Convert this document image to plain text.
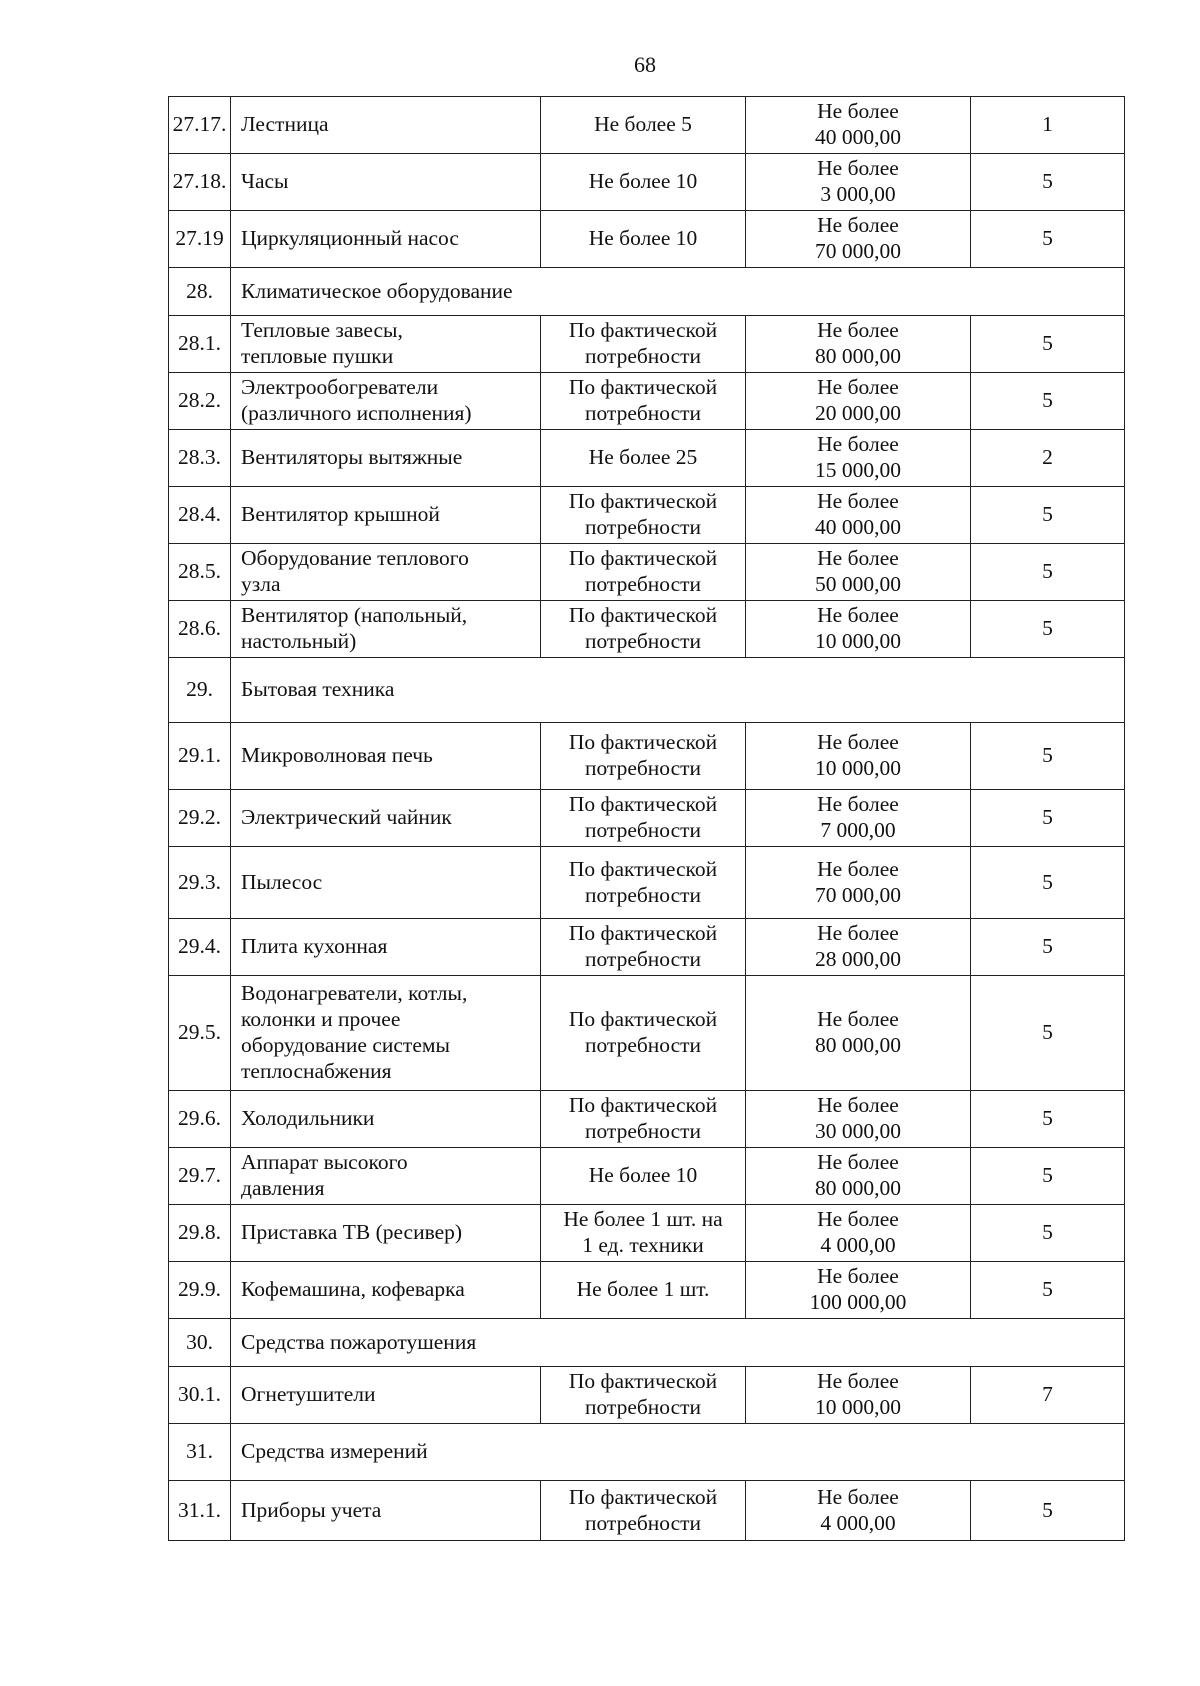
68
27.17.	Лестница	Не более 5	Не более
40 000,00	1
27.18.	Часы	Не более 10	Не более
3 000,00	5
27.19	Циркуляционный насос	Не более 10	Не более
70 000,00	5
28.	Климатическое оборудование			
28.1.	Тепловые завесы,
тепловые пушки	По фактической
потребности	Не более
80 000,00	5
28.2.	Электрообогреватели
(различного исполнения)	По фактической
потребности	Не более
20 000,00	5
28.3.	Вентиляторы вытяжные	Не более 25	Не более
15 000,00	2
28.4.	Вентилятор крышной	По фактической
потребности	Не более
40 000,00	5
28.5.	Оборудование теплового
узла	По фактической
потребности	Не более
50 000,00	5
28.6.	Вентилятор (напольный,
настольный)	По фактической
потребности	Не более
10 000,00	5
29.	Бытовая техника			
29.1.	Микроволновая печь	По фактической
потребности	Не более
10 000,00	5
29.2.	Электрический чайник	По фактической
потребности	Не более
7 000,00	5
29.3.	Пылесос	По фактической
потребности	Не более
70 000,00	5
29.4.	Плита кухонная	По фактической
потребности	Не более
28 000,00	5
29.5.	Водонагреватели, котлы,
колонки и прочее
оборудование системы
теплоснабжения	По фактической
потребности	Не более
80 000,00	5
29.6.	Холодильники	По фактической
потребности	Не более
30 000,00	5
29.7.	Аппарат высокого
давления	Не более 10	Не более
80 000,00	5
29.8.	Приставка ТВ (ресивер)	Не более 1 шт. на
1 ед. техники	Не более
4 000,00	5
29.9.	Кофемашина, кофеварка	Не более 1 шт.	Не более
100 000,00	5
30.	Средства пожаротушения			
30.1.	Огнетушители	По фактической
потребности	Не более
10 000,00	7
31.	Средства измерений			
31.1.	Приборы учета	По фактической
потребности	Не более
4 000,00	5
